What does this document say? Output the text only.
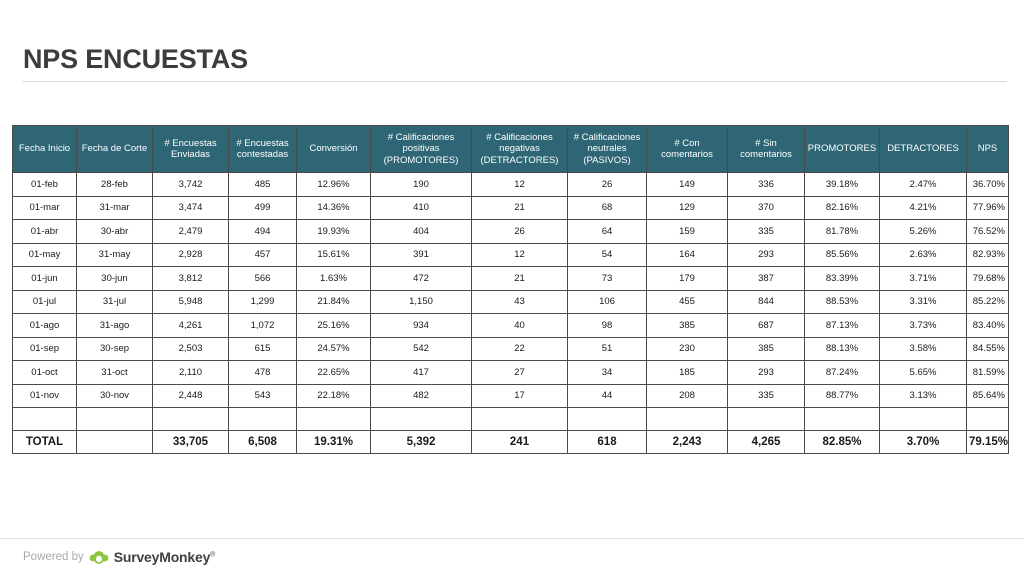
NPS ENCUESTAS
Fecha Inicio	Fecha de Corte	# Encuestas Enviadas	# Encuestas contestadas	Conversión	# Calificaciones positivas (PROMOTORES)	# Calificaciones negativas (DETRACTORES)	# Calificaciones neutrales (PASIVOS)	# Con comentarios	# Sin comentarios	PROMOTORES	DETRACTORES	NPS
01-feb	28-feb	3,742	485	12.96%	190	12	26	149	336	39.18%	2.47%	36.70%
01-mar	31-mar	3,474	499	14.36%	410	21	68	129	370	82.16%	4.21%	77.96%
01-abr	30-abr	2,479	494	19.93%	404	26	64	159	335	81.78%	5.26%	76.52%
01-may	31-may	2,928	457	15.61%	391	12	54	164	293	85.56%	2.63%	82.93%
01-jun	30-jun	3,812	566	1.63%	472	21	73	179	387	83.39%	3.71%	79.68%
01-jul	31-jul	5,948	1,299	21.84%	1,150	43	106	455	844	88.53%	3.31%	85.22%
01-ago	31-ago	4,261	1,072	25.16%	934	40	98	385	687	87.13%	3.73%	83.40%
01-sep	30-sep	2,503	615	24.57%	542	22	51	230	385	88.13%	3.58%	84.55%
01-oct	31-oct	2,110	478	22.65%	417	27	34	185	293	87.24%	5.65%	81.59%
01-nov	30-nov	2,448	543	22.18%	482	17	44	208	335	88.77%	3.13%	85.64%

TOTAL		33,705	6,508	19.31%	5,392	241	618	2,243	4,265	82.85%	3.70%	79.15%
Powered by SurveyMonkey®
